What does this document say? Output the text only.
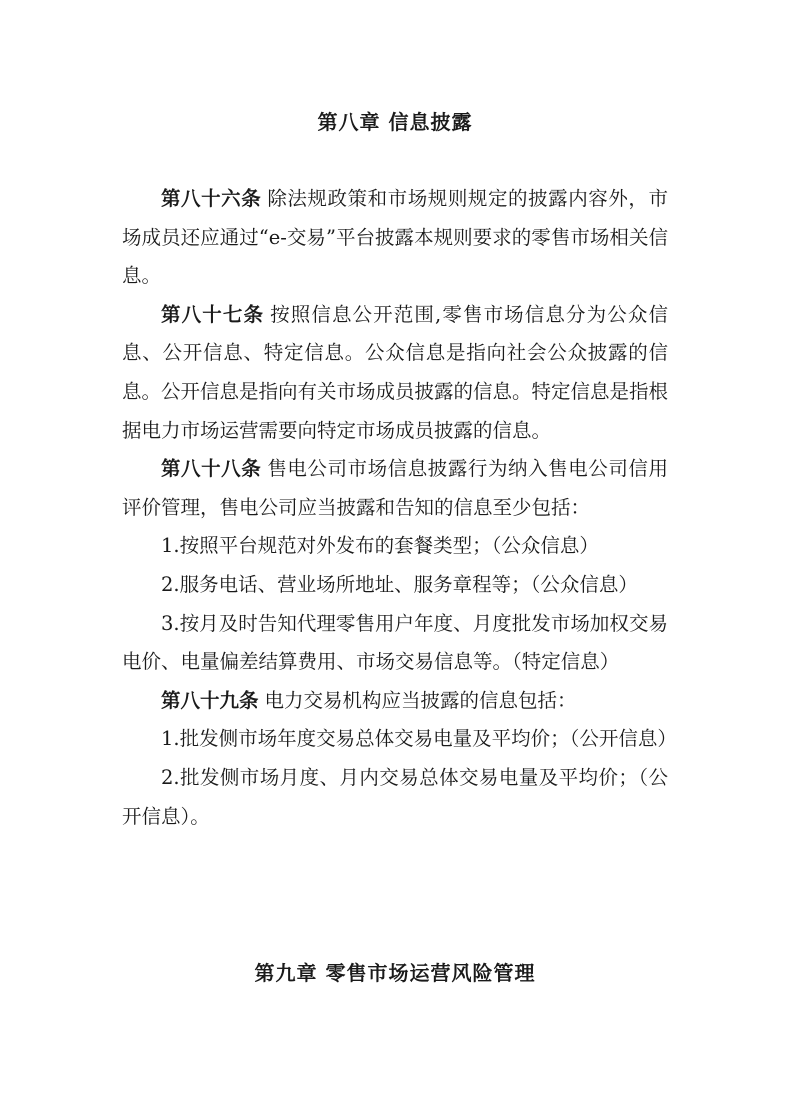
第八章 信息披露

第八十六条 除法规政策和市场规则规定的披露内容外，市场成员还应通过“e-交易”平台披露本规则要求的零售市场相关信息。

第八十七条 按照信息公开范围,零售市场信息分为公众信息、公开信息、特定信息。公众信息是指向社会公众披露的信息。公开信息是指向有关市场成员披露的信息。特定信息是指根据电力市场运营需要向特定市场成员披露的信息。

第八十八条 售电公司市场信息披露行为纳入售电公司信用评价管理，售电公司应当披露和告知的信息至少包括：

1.按照平台规范对外发布的套餐类型；（公众信息）

2.服务电话、营业场所地址、服务章程等；（公众信息）

3.按月及时告知代理零售用户年度、月度批发市场加权交易电价、电量偏差结算费用、市场交易信息等。（特定信息）

第八十九条 电力交易机构应当披露的信息包括：

1.批发侧市场年度交易总体交易电量及平均价；（公开信息）

2.批发侧市场月度、月内交易总体交易电量及平均价；（公开信息）。

第九章 零售市场运营风险管理
